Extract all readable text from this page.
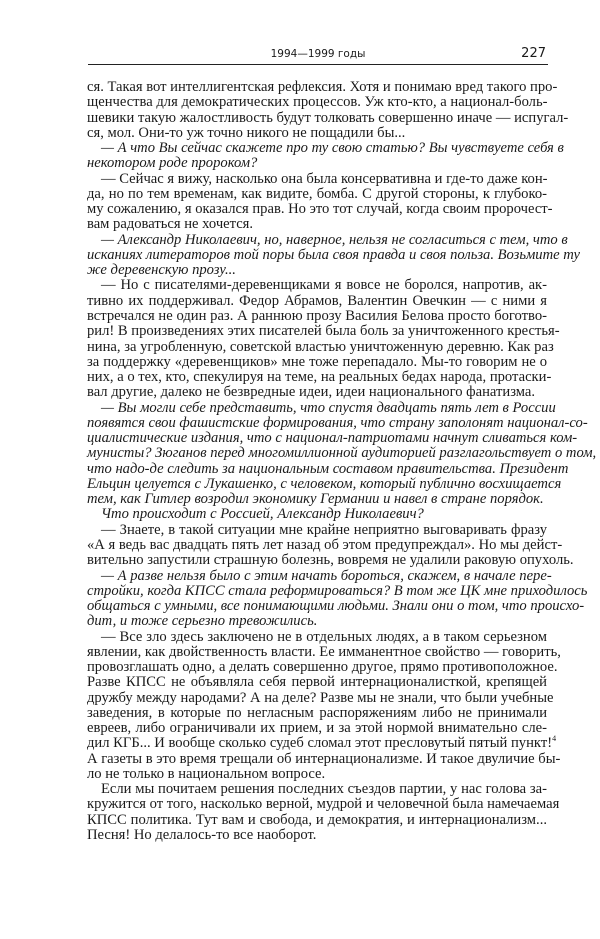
1994—1999 годы	227
ся. Такая вот интеллигентская рефлексия. Хотя и понимаю вред такого про-
щенчества для демократических процессов. Уж кто-кто, а национал-боль-
шевики такую жалостливость будут толковать совершенно иначе — испугал-
ся, мол. Они-то уж точно никого не пощадили бы...
— А что Вы сейчас скажете про ту свою статью? Вы чувствуете себя в
некотором роде пророком?
— Сейчас я вижу, насколько она была консервативна и где-то даже кон-
да, но по тем временам, как видите, бомба. С другой стороны, к глубоко-
му сожалению, я оказался прав. Но это тот случай, когда своим пророчест-
вам радоваться не хочется.
— Александр Николаевич, но, наверное, нельзя не согласиться с тем, что в
исканиях литераторов той поры была своя правда и своя польза. Возьмите ту
же деревенскую прозу...
— Но с писателями-деревенщиками я вовсе не боролся, напротив, ак-
тивно их поддерживал. Федор Абрамов, Валентин Овечкин — с ними я
встречался не один раз. А раннюю прозу Василия Белова просто боготво-
рил! В произведениях этих писателей была боль за уничтоженного крестья-
нина, за угробленную, советской властью уничтоженную деревню. Как раз
за поддержку «деревенщиков» мне тоже перепадало. Мы-то говорим не о
них, а о тех, кто, спекулируя на теме, на реальных бедах народа, протаски-
вал другие, далеко не безвредные идеи, идеи национального фанатизма.
— Вы могли себе представить, что спустя двадцать пять лет в России
появятся свои фашистские формирования, что страну заполонят национал-со-
циалистические издания, что с национал-патриотами начнут сливаться ком-
мунисты? Зюганов перед многомиллионной аудиторией разглагольствует о том,
что надо-де следить за национальным составом правительства. Президент
Ельцин целуется с Лукашенко, с человеком, который публично восхищается
тем, как Гитлер возродил экономику Германии и навел в стране порядок.
Что происходит с Россией, Александр Николаевич?
— Знаете, в такой ситуации мне крайне неприятно выговаривать фразу
«А я ведь вас двадцать пять лет назад об этом предупреждал». Но мы дейст-
вительно запустили страшную болезнь, вовремя не удалили раковую опухоль.
— А разве нельзя было с этим начать бороться, скажем, в начале пере-
стройки, когда КПСС стала реформироваться? В том же ЦК мне приходилось
общаться с умными, все понимающими людьми. Знали они о том, что происхо-
дит, и тоже серьезно тревожились.
— Все зло здесь заключено не в отдельных людях, а в таком серьезном
явлении, как двойственность власти. Ее имманентное свойство — говорить,
провозглашать одно, а делать совершенно другое, прямо противоположное.
Разве КПСС не объявляла себя первой интернационалисткой, крепящей
дружбу между народами? А на деле? Разве мы не знали, что были учебные
заведения, в которые по негласным распоряжениям либо не принимали
евреев, либо ограничивали их прием, и за этой нормой внимательно сле-
дил КГБ... И вообще сколько судеб сломал этот пресловутый пятый пункт!$^4$
А газеты в это время трещали об интернационализме. И такое двуличие бы-
ло не только в национальном вопросе.
Если мы почитаем решения последних съездов партии, у нас голова за-
кружится от того, насколько верной, мудрой и человечной была намечаемая
КПСС политика. Тут вам и свобода, и демократия, и интернационализм...
Песня! Но делалось-то все наоборот.
